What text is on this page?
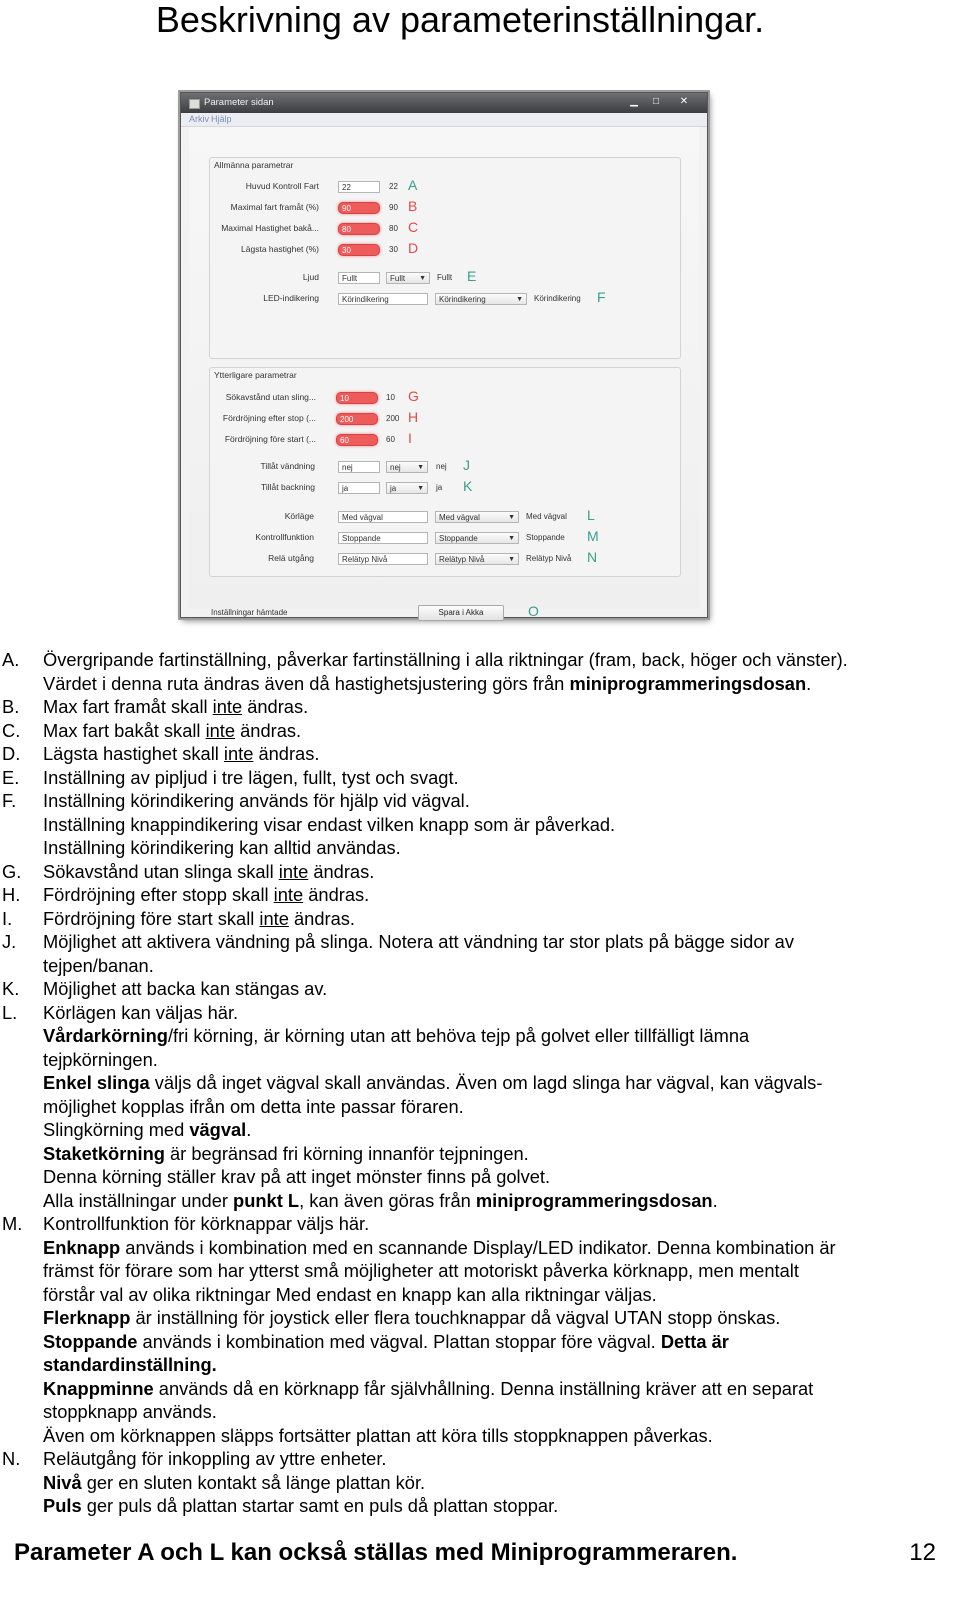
Beskrivning av parameterinställningar.
Parameter sidan	▁	□	✕
Arkiv Hjälp
Allmänna parametrar
Huvud Kontroll Fart	22	22 A
Maximal fart framåt (%)	90	90 B
Maximal Hastighet bakå...	80	80 C
Lägsta hastighet (%)	30	30 D
Ljud	Fullt	Fullt ▼ Fullt E
LED-indikering	Körindikering	Körindikering	▼ Körindikering F
Ytterligare parametrar
Sökavstånd utan sling...	10	10 G
Fördröjning efter stop (...	200	200 H
Fördröjning före start (...	60	60 I
Tillåt vändning	nej	nej ▼ nej J
Tillåt backning	ja	ja	▼ ja K
Körläge	Med vägval	Med vägval	▼ Med vägval L
Kontrollfunktion	Stoppande	Stoppande	▼ Stoppande M
Relä utgång	Relätyp Nivå	Relätyp Nivå	▼ Relätyp Nivå N
Inställningar hämtade	Spara i Akka	O
A. Övergripande fartinställning, påverkar fartinställning i alla riktningar (fram, back, höger och vänster).
Värdet i denna ruta ändras även då hastighetsjustering görs från miniprogrammeringsdosan.
B. Max fart framåt skall inte ändras.
C. Max fart bakåt skall inte ändras.
D. Lägsta hastighet skall inte ändras.
E. Inställning av pipljud i tre lägen, fullt, tyst och svagt.
F. Inställning körindikering används för hjälp vid vägval.
Inställning knappindikering visar endast vilken knapp som är påverkad.
Inställning körindikering kan alltid användas.
G. Sökavstånd utan slinga skall inte ändras.
H. Fördröjning efter stopp skall inte ändras.
I. Fördröjning före start skall inte ändras.
J. Möjlighet att aktivera vändning på slinga. Notera att vändning tar stor plats på bägge sidor av
tejpen/banan.
K. Möjlighet att backa kan stängas av.
L. Körlägen kan väljas här.
Vårdarkörning/fri körning, är körning utan att behöva tejp på golvet eller tillfälligt lämna
tejpkörningen.
Enkel slinga väljs då inget vägval skall användas. Även om lagd slinga har vägval, kan vägvals-
möjlighet kopplas ifrån om detta inte passar föraren.
Slingkörning med vägval.
Staketkörning är begränsad fri körning innanför tejpningen.
Denna körning ställer krav på att inget mönster finns på golvet.
Alla inställningar under punkt L, kan även göras från miniprogrammeringsdosan.
M. Kontrollfunktion för körknappar väljs här.
Enknapp används i kombination med en scannande Display/LED indikator. Denna kombination är
främst för förare som har ytterst små möjligheter att motoriskt påverka körknapp, men mentalt
förstår val av olika riktningar Med endast en knapp kan alla riktningar väljas.
Flerknapp är inställning för joystick eller flera touchknappar då vägval UTAN stopp önskas.
Stoppande används i kombination med vägval. Plattan stoppar före vägval. Detta är
standardinställning.
Knappminne används då en körknapp får självhållning. Denna inställning kräver att en separat
stoppknapp används.
Även om körknappen släpps fortsätter plattan att köra tills stoppknappen påverkas.
N. Reläutgång för inkoppling av yttre enheter.
Nivå ger en sluten kontakt så länge plattan kör.
Puls ger puls då plattan startar samt en puls då plattan stoppar.
Parameter A och L kan också ställas med Miniprogrammeraren.	12
